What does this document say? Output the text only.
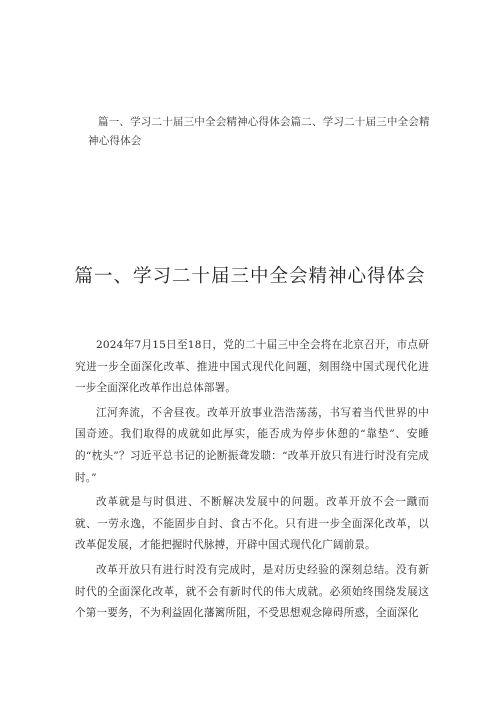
篇一、学习二十届三中全会精神心得体会篇二、学习二十届三中全会精神心得体会
篇一、学习二十届三中全会精神心得体会

2024年7月15日至18日，党的二十届三中全会将在北京召开，市点研究进一步全面深化改革、推进中国式现代化问题，刻围绕中国式现代化进一步全面深化改革作出总体部署。

江河奔流，不舍昼夜。改革开放事业浩浩荡荡，书写着当代世界的中国奇迹。我们取得的成就如此厚实，能否成为停步休憩的“靠垫”、安睡的“枕头”？习近平总书记的论断振聋发聩：“改革开放只有进行时没有完成时。”

改革就是与时俱进、不断解决发展中的问题。改革开放不会一蹴而就、一劳永逸，不能固步自封、食古不化。只有进一步全面深化改革，以改革促发展，才能把握时代脉搏，开辟中国式现代化广阔前景。

改革开放只有进行时没有完成时，是对历史经验的深刻总结。没有新时代的全面深化改革，就不会有新时代的伟大成就。必须始终围绕发展这个第一要务，不为利益固化藩篱所阻，不受思想观念障碍所惑，全面深化
